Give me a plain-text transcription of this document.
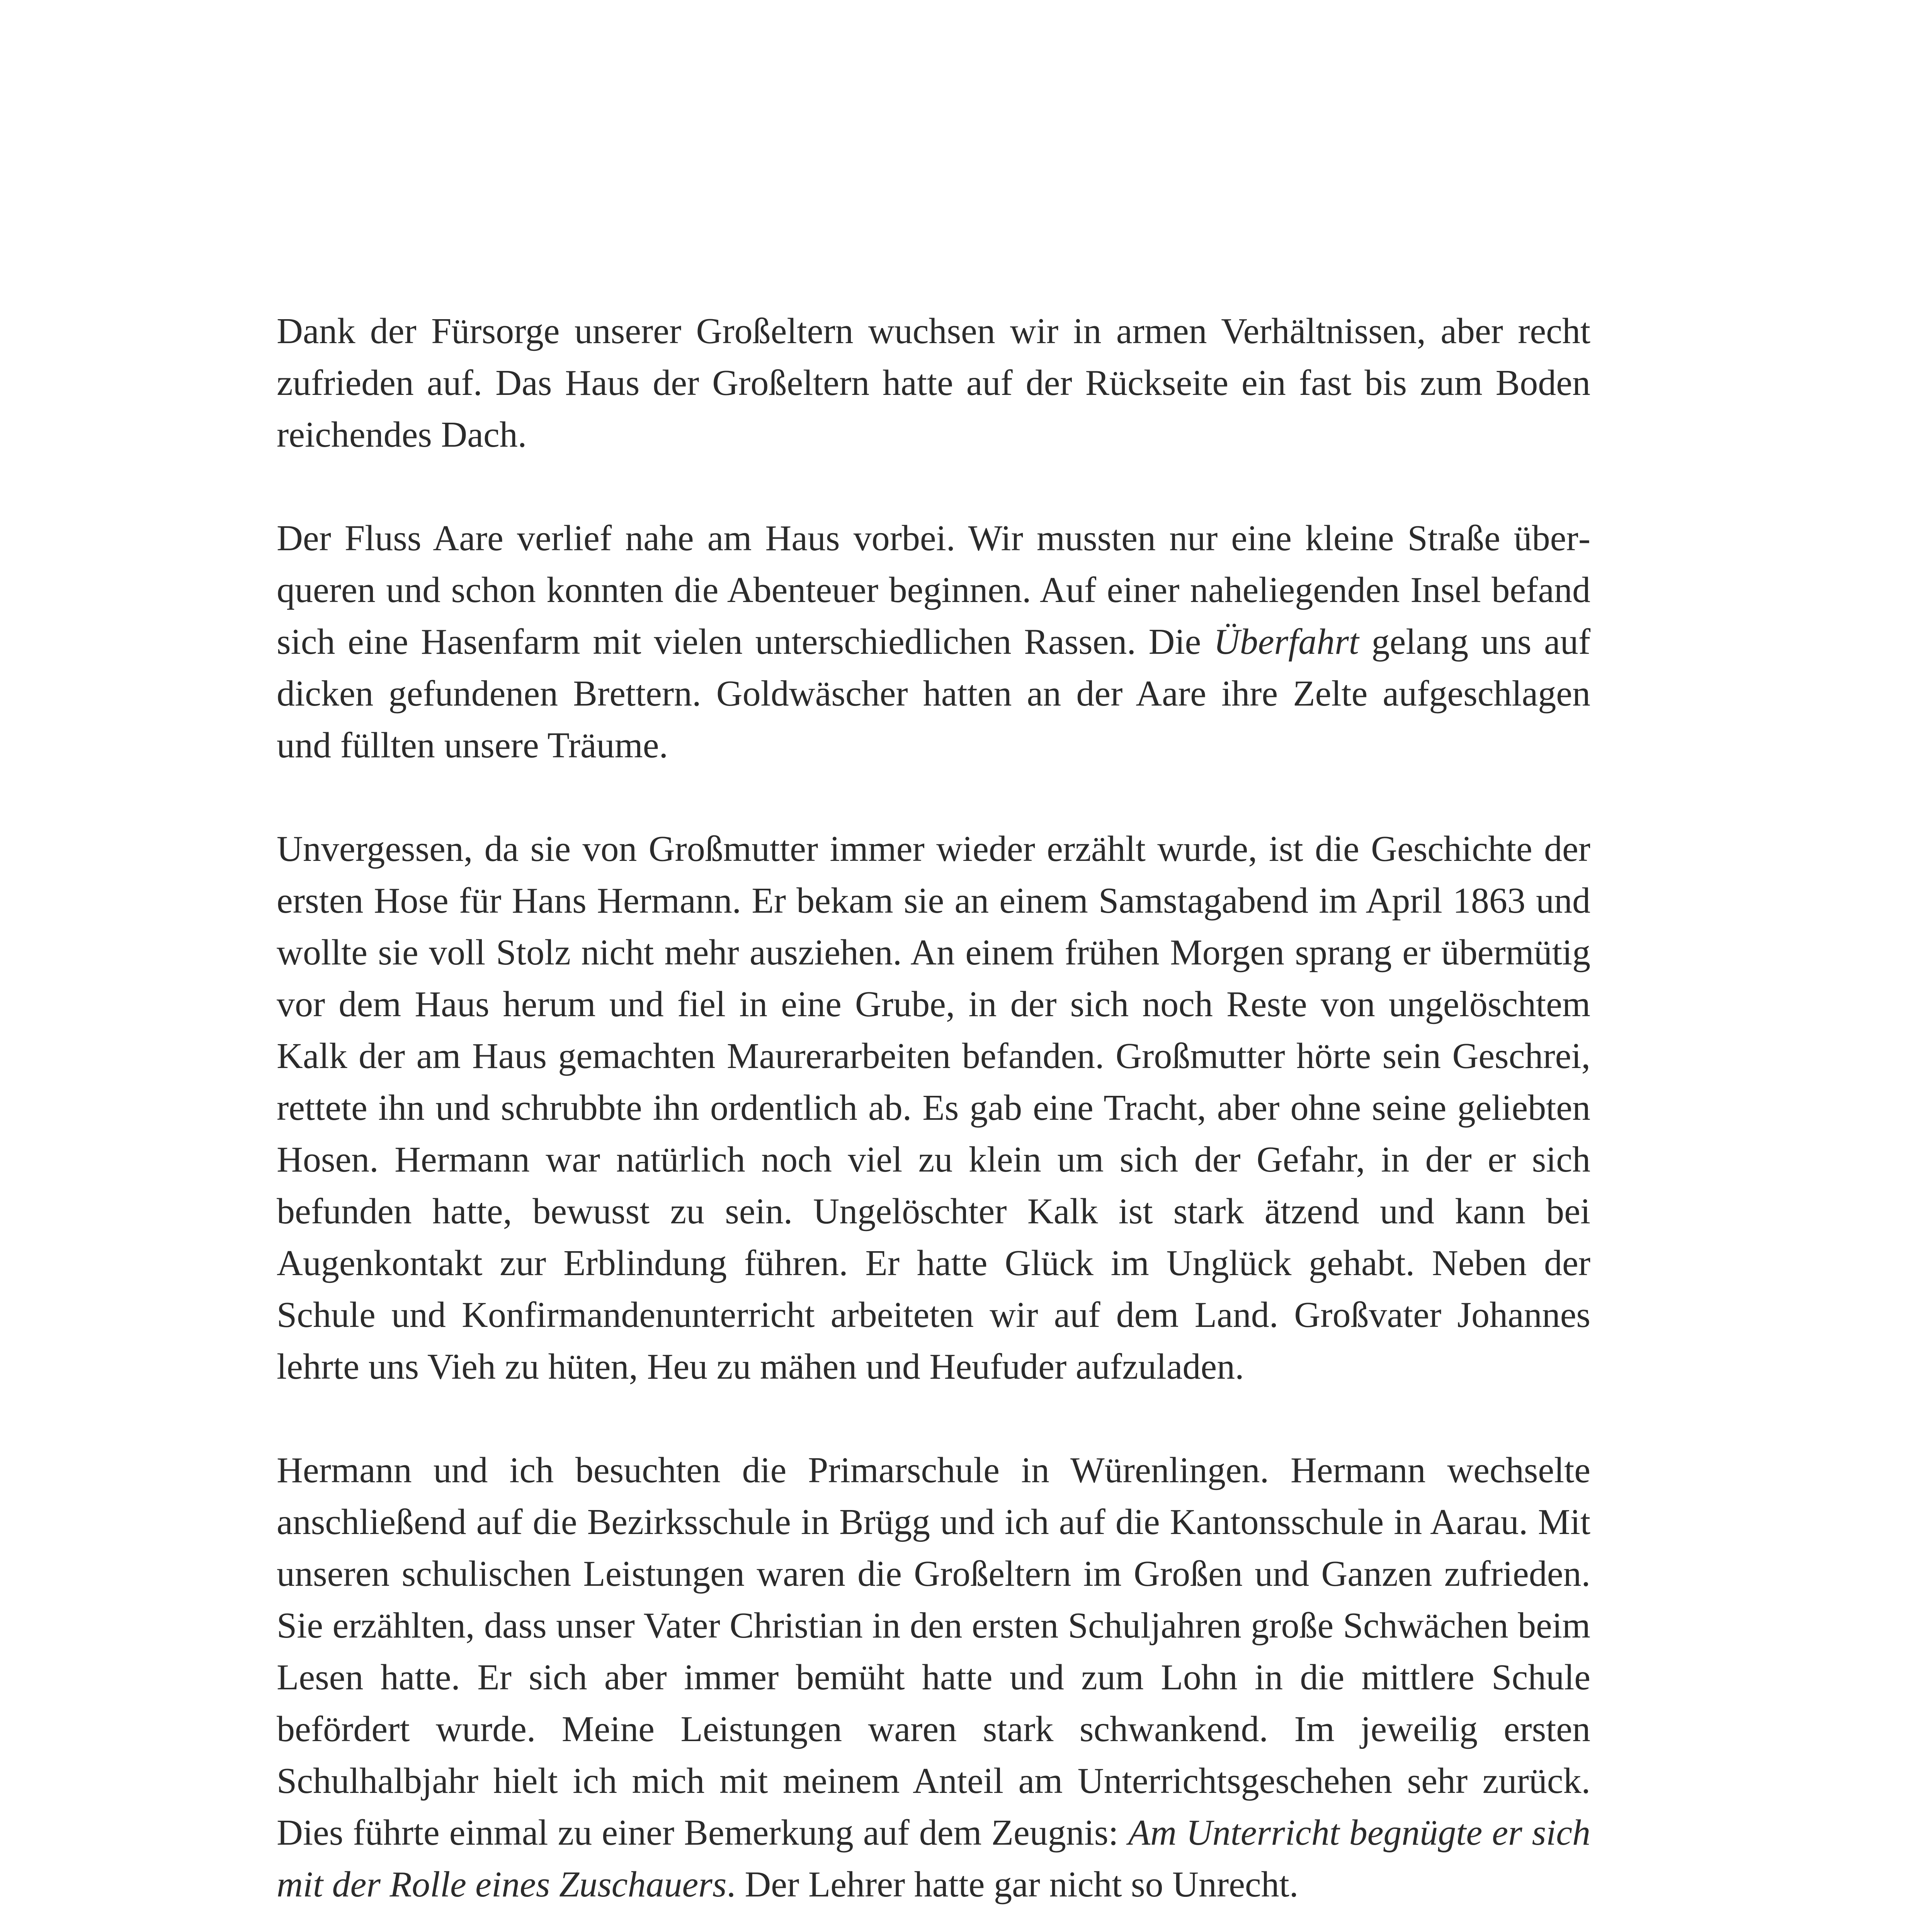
Dank der Fürsorge unserer Großeltern wuchsen wir in armen Verhältnissen, aber recht zufrieden auf. Das Haus der Großeltern hatte auf der Rückseite ein fast bis zum Boden reichendes Dach.

Der Fluss Aare verlief nahe am Haus vorbei. Wir mussten nur eine kleine Straße überqueren und schon konnten die Abenteuer beginnen. Auf einer naheliegenden Insel befand sich eine Hasenfarm mit vielen unterschiedlichen Rassen. Die Überfahrt gelang uns auf dicken gefundenen Brettern. Goldwäscher hatten an der Aare ihre Zelte aufgeschlagen und füllten unsere Träume.

Unvergessen, da sie von Großmutter immer wieder erzählt wurde, ist die Geschichte der ersten Hose für Hans Hermann. Er bekam sie an einem Samstagabend im April 1863 und wollte sie voll Stolz nicht mehr ausziehen. An einem frühen Morgen sprang er übermütig vor dem Haus herum und fiel in eine Grube, in der sich noch Reste von ungelöschtem Kalk der am Haus gemachten Maurerarbeiten befanden. Großmutter hörte sein Geschrei, rettete ihn und schrubbte ihn ordentlich ab. Es gab eine Tracht, aber ohne seine geliebten Hosen. Hermann war natürlich noch viel zu klein um sich der Gefahr, in der er sich befunden hatte, bewusst zu sein. Ungelöschter Kalk ist stark ätzend und kann bei Augenkontakt zur Erblindung führen. Er hatte Glück im Unglück gehabt. Neben der Schule und Konfirmandenunterricht arbeiteten wir auf dem Land. Großvater Johannes lehrte uns Vieh zu hüten, Heu zu mähen und Heufuder aufzuladen.

Hermann und ich besuchten die Primarschule in Würenlingen. Hermann wechselte anschließend auf die Bezirksschule in Brügg und ich auf die Kantonsschule in Aarau. Mit unseren schulischen Leistungen waren die Großeltern im Großen und Ganzen zufrieden. Sie erzählten, dass unser Vater Christian in den ersten Schuljahren große Schwächen beim Lesen hatte. Er sich aber immer bemüht hatte und zum Lohn in die mittlere Schule befördert wurde. Meine Leistungen waren stark schwankend. Im jeweilig ersten Schulhalbjahr hielt ich mich mit meinem Anteil am Unterrichtsgeschehen sehr zurück. Dies führte einmal zu einer Bemerkung auf dem Zeugnis: Am Unterricht begnügte er sich mit der Rolle eines Zuschauers. Der Lehrer hatte gar nicht so Unrecht.
